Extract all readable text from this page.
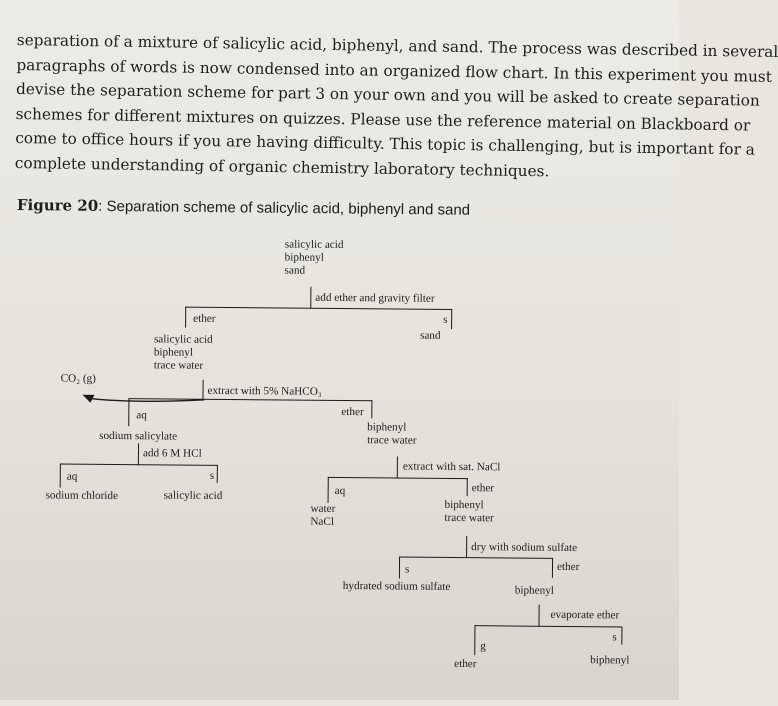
separation of a mixture of salicylic acid, biphenyl, and sand. The process was described in several

paragraphs of words is now condensed into an organized flow chart. In this experiment you must

devise the separation scheme for part 3 on your own and you will be asked to create separation

schemes for different mixtures on quizzes. Please use the reference material on Blackboard or

come to office hours if you are having difficulty. This topic is challenging, but is important for a

complete understanding of organic chemistry laboratory techniques.

Figure 20: Separation scheme of salicylic acid, biphenyl and sand
salicylic acid
biphenyl
sand
add ether and gravity filter
ether	s
salicylic acid
biphenyl
trace water
sand
CO₂ (g)
extract with 5% NaHCO₃
aq	ether
sodium salicylate
biphenyl
trace water
add 6 M HCl
aq	s
sodium chloride	salicylic acid
extract with sat. NaCl
aq	ether
water
NaCl
biphenyl
trace water
dry with sodium sulfate
s	ether
hydrated sodium sulfate	biphenyl
evaporate ether
g
s
ether	biphenyl
